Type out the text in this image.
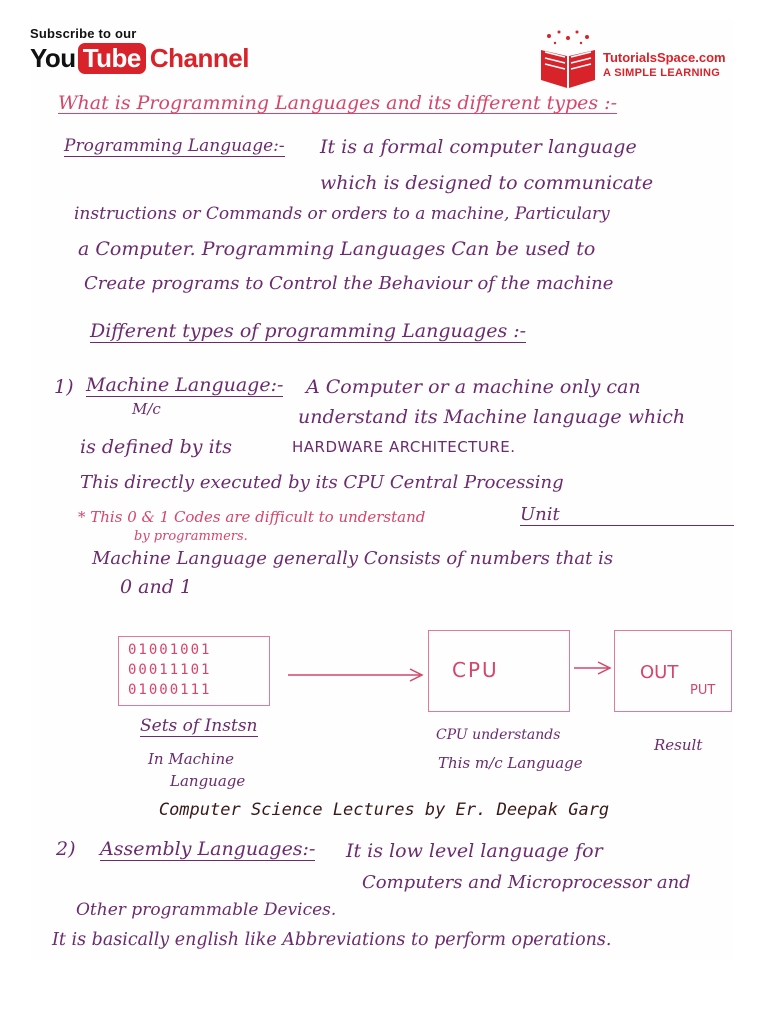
Subscribe to our
You Tube Channel	TutorialsSpace.com
A SIMPLE LEARNING
What is Programming Languages and its different types :-
Programming Language:- It is a formal computer language
which is designed to communicate
instructions or Commands or orders to a machine, Particulary
a Computer. Programming Languages Can be used to
Create programs to Control the Behaviour of the machine
Different types of programming Languages :-
1) Machine Language:-
M/c
A Computer or a machine only can
understand its Machine language which
is defined by its	HARDWARE ARCHITECTURE.
This directly executed by its CPU Central Processing
Unit
* This 0 & 1 Codes are difficult to understand
by programmers.
Machine Language generally Consists of numbers that is
0 and 1
01001001
00011101
01000111
CPU	OUT
PUT
Sets of Instsn
In Machine
Language
CPU understands
This m/c Language
Result
Computer Science Lectures by Er. Deepak Garg
2) Assembly Languages:- It is low level language for
Computers and Microprocessor and
Other programmable Devices.
It is basically english like Abbreviations to perform operations.
